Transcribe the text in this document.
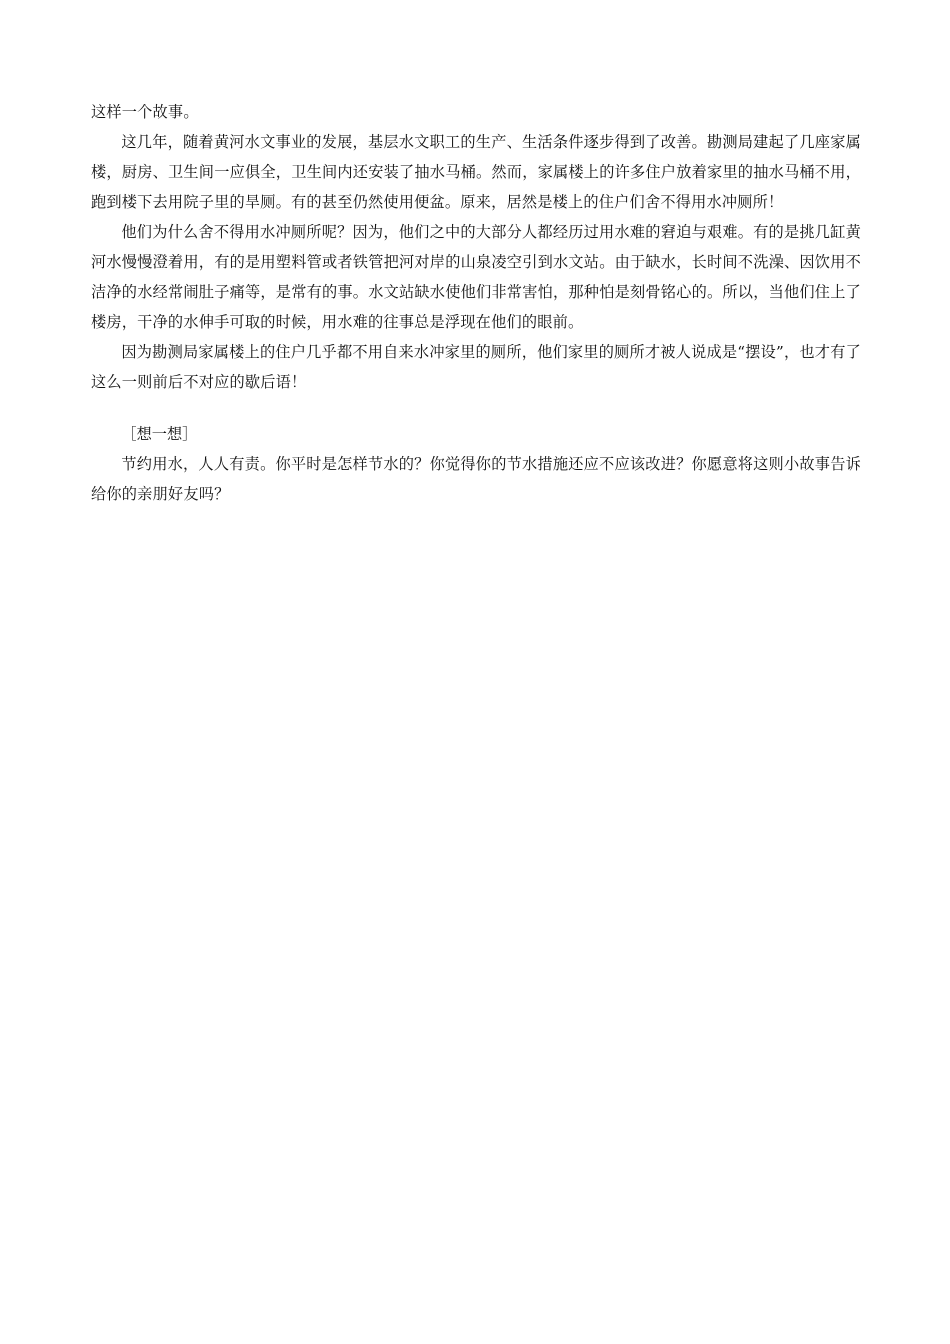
这样一个故事。

这几年，随着黄河水文事业的发展，基层水文职工的生产、生活条件逐步得到了改善。勘测局建起了几座家属楼，厨房、卫生间一应俱全，卫生间内还安装了抽水马桶。然而，家属楼上的许多住户放着家里的抽水马桶不用，跑到楼下去用院子里的旱厕。有的甚至仍然使用便盆。原来，居然是楼上的住户们舍不得用水冲厕所！

他们为什么舍不得用水冲厕所呢？因为，他们之中的大部分人都经历过用水难的窘迫与艰难。有的是挑几缸黄河水慢慢澄着用，有的是用塑料管或者铁管把河对岸的山泉凌空引到水文站。由于缺水，长时间不洗澡、因饮用不洁净的水经常闹肚子痛等，是常有的事。水文站缺水使他们非常害怕，那种怕是刻骨铭心的。所以，当他们住上了楼房，干净的水伸手可取的时候，用水难的往事总是浮现在他们的眼前。

因为勘测局家属楼上的住户几乎都不用自来水冲家里的厕所，他们家里的厕所才被人说成是“摆设”，也才有了这么一则前后不对应的歇后语！

［想一想］

节约用水，人人有责。你平时是怎样节水的？你觉得你的节水措施还应不应该改进？你愿意将这则小故事告诉给你的亲朋好友吗？
